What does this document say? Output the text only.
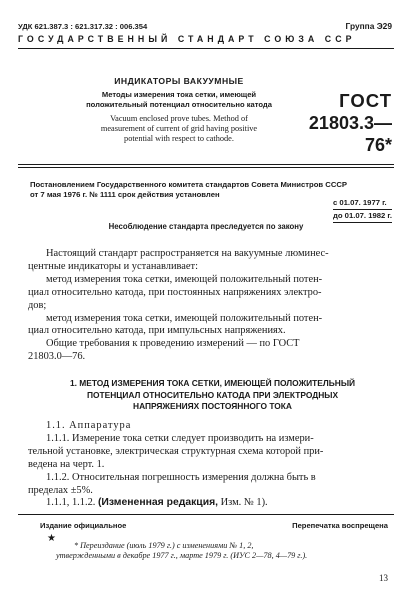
УДК 621.387.3 : 621.317.32 : 006.354	Группа Э29
ГОСУДАРСТВЕННЫЙ СТАНДАРТ СОЮЗА ССР
ИНДИКАТОРЫ ВАКУУМНЫЕ
Методы измерения тока сетки, имеющей
положительный потенциал относительно катода
Vacuum enclosed prove tubes. Method of
measurement of current of grid having positive
potential with respect to cathode.
ГОСТ
21803.3—76*
Постановлением Государственного комитета стандартов Совета Министров СССР
от 7 мая 1976 г. № 1111 срок действия установлен
с 01.07. 1977 г.
до 01.07. 1982 г.
Несоблюдение стандарта преследуется по закону

Настоящий стандарт распространяется на вакуумные люминес-

центные индикаторы и устанавливает:

метод измерения тока сетки, имеющей положительный потен-

циал относительно катода, при постоянных напряжениях электро-

дов;

метод измерения тока сетки, имеющей положительный потен-

циал относительно катода, при импульсных напряжениях.

Общие требования к проведению измерений — по ГОСТ

21803.0—76.

1. МЕТОД ИЗМЕРЕНИЯ ТОКА СЕТКИ, ИМЕЮЩЕЙ ПОЛОЖИТЕЛЬНЫЙ
ПОТЕНЦИАЛ ОТНОСИТЕЛЬНО КАТОДА ПРИ ЭЛЕКТРОДНЫХ
НАПРЯЖЕНИЯХ ПОСТОЯННОГО ТОКА

1.1. Аппаратура

1.1.1. Измерение тока сетки следует производить на измери-

тельной установке, электрическая структурная схема которой при-

ведена на черт. 1.

1.1.2. Относительная погрешность измерения должна быть в

пределах ±5%.

1.1.1, 1.1.2. (Измененная редакция, Изм. № 1).

Издание официальное	Перепечатка воспрещена
★
* Переиздание (июль 1979 г.) с изменениями № 1, 2,
утвержденными в декабре 1977 г., марте 1979 г. (ИУС 2—78, 4—79 г.).
13
